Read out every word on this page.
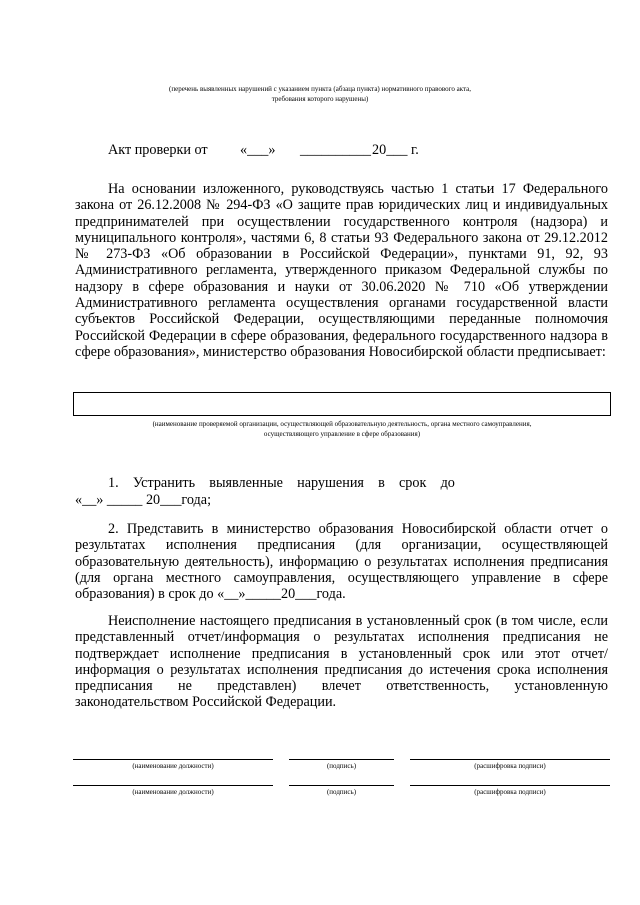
(перечень выявленных нарушений с указанием пункта (абзаца пункта) нормативного правового акта,
требования которого нарушены)
Акт проверки от «___» __________ 20___ г.
На основании изложенного, руководствуясь частью 1 статьи 17 Федерального закона от 26.12.2008 № 294-ФЗ «О защите прав юридических лиц и индивидуальных предпринимателей при осуществлении государственного контроля (надзора) и муниципального контроля», частями 6, 8 статьи 93 Федерального закона от 29.12.2012 № 273-ФЗ «Об образовании в Российской Федерации», пунктами 91, 92, 93 Административного регламента, утвержденного приказом Федеральной службы по надзору в сфере образования и науки от 30.06.2020 № 710 «Об утверждении Административного регламента осуществления органами государственной власти субъектов Российской Федерации, осуществляющими переданные полномочия Российской Федерации в сфере образования, федерального государственного надзора в сфере образования», министерство образования Новосибирской области предписывает:
(наименование проверяемой организации, осуществляющей образовательную деятельность, органа местного самоуправления,
осуществляющего управление в сфере образования)
1.    Устранить    выявленные    нарушения    в    срок    до
«__» _____ 20___года;
2. Представить в министерство образования Новосибирской области отчет о результатах исполнения предписания (для организации, осуществляющей образовательную деятельность), информацию о результатах исполнения предписания (для органа местного самоуправления, осуществляющего управление в сфере образования) в срок до «__»_____20___года.
Неисполнение настоящего предписания в установленный срок (в том числе, если представленный отчет/информация о результатах исполнения предписания не подтверждает исполнение предписания в установленный срок или этот отчет/информация о результатах исполнения предписания до истечения срока исполнения предписания не представлен) влечет ответственность, установленную законодательством Российской Федерации.
(наименование должности)	(подпись)	(расшифровка подписи)
(наименование должности)	(подпись)	(расшифровка подписи)
